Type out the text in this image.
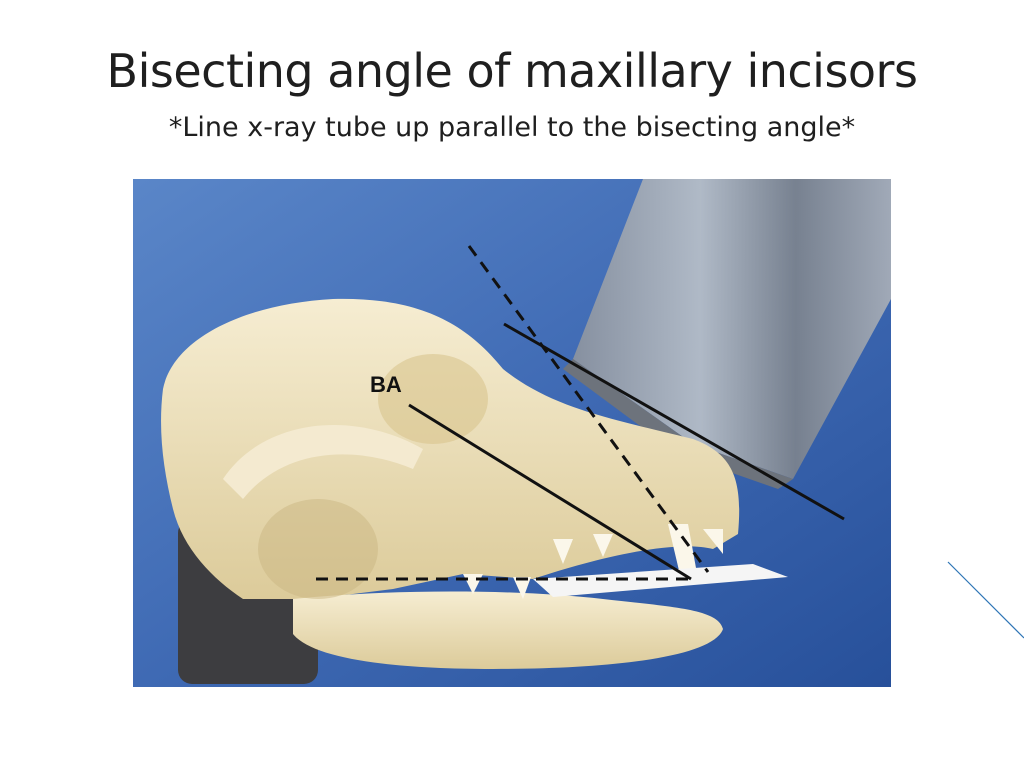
Bisecting angle of maxillary incisors
*Line x-ray tube up parallel to the bisecting angle*
BA
